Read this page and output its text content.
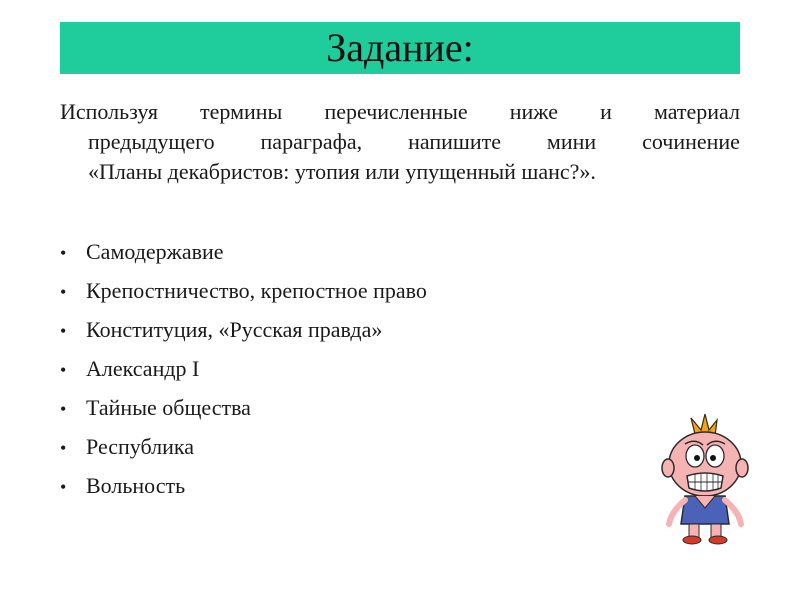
Задание:
Используя термины перечисленные ниже и материал
предыдущего параграфа, напишите мини сочинение
«Планы декабристов: утопия или упущенный шанс?».
• Самодержавие
• Крепостничество, крепостное право
• Конституция, «Русская правда»
• Александр I
• Тайные общества
• Республика
• Вольность
